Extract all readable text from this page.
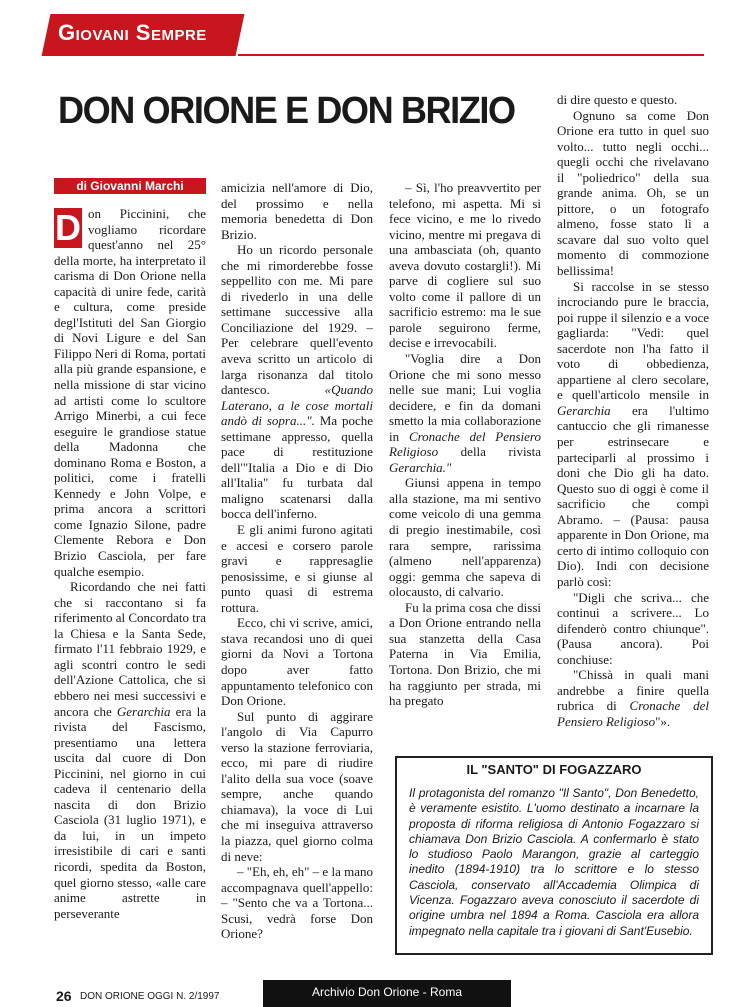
Giovani Sempre
DON ORIONE E DON BRIZIO
di Giovanni Marchi

D on Piccinini, che vogliamo ricordare quest'anno nel 25° della morte, ha interpretato il carisma di Don Orione nella capacità di unire fede, carità e cultura, come preside degl'Istituti del San Giorgio di Novi Ligure e del San Filippo Neri di Roma, portati alla più grande espansione, e nella missione di star vicino ad artisti come lo scultore Arrigo Minerbi, a cui fece eseguire le grandiose statue della Madonna che dominano Roma e Boston, a politici, come i fratelli Kennedy e John Volpe, e prima ancora a scrittori come Ignazio Silone, padre Clemente Rebora e Don Brizio Casciola, per fare qualche esempio.

Ricordando che nei fatti che si raccontano si fa riferimento al Concordato tra la Chiesa e la Santa Sede, firmato l'11 febbraio 1929, e agli scontri contro le sedi dell'Azione Cattolica, che si ebbero nei mesi successivi e ancora che Gerarchia era la rivista del Fascismo, presentiamo una lettera uscita dal cuore di Don Piccinini, nel giorno in cui cadeva il centenario della nascita di don Brizio Casciola (31 luglio 1971), e da lui, in un impeto irresistibile di cari e santi ricordi, spedita da Boston, quel giorno stesso, «alle care anime astrette in perseverante

amicizia nell'amore di Dio, del prossimo e nella memoria benedetta di Don Brizio.

Ho un ricordo personale che mi rimorderebbe fosse seppellito con me. Mi pare di rivederlo in una delle settimane successive alla Conciliazione del 1929. – Per celebrare quell'evento aveva scritto un articolo di larga risonanza dal titolo dantesco. «Quando Laterano, a le cose mortali andò di sopra...". Ma poche settimane appresso, quella pace di restituzione dell'"Italia a Dio e di Dio all'Italia" fu turbata dal maligno scatenarsi dalla bocca dell'inferno.

E gli animi furono agitati e accesi e corsero parole gravi e rappresaglie penosissime, e si giunse al punto quasi di estrema rottura.

Ecco, chi vi scrive, amici, stava recandosi uno di quei giorni da Novi a Tortona dopo aver fatto appuntamento telefonico con Don Orione.

Sul punto di aggirare l'angolo di Via Capurro verso la stazione ferroviaria, ecco, mi pare di riudire l'alito della sua voce (soave sempre, anche quando chiamava), la voce di Lui che mi inseguiva attraverso la piazza, quel giorno colma di neve:

– "Eh, eh, eh" – e la mano accompagnava quell'appello: – "Sento che va a Tortona... Scusi, vedrà forse Don Orione?

– Sì, l'ho preavvertito per telefono, mi aspetta. Mi si fece vicino, e me lo rivedo vicino, mentre mi pregava di una ambasciata (oh, quanto aveva dovuto costargli!). Mi parve di cogliere sul suo volto come il pallore di un sacrificio estremo: ma le sue parole seguirono ferme, decise e irrevocabili.

"Voglia dire a Don Orione che mi sono messo nelle sue mani; Lui voglia decidere, e fin da domani smetto la mia collaborazione in Cronache del Pensiero Religioso della rivista Gerarchia."

Giunsi appena in tempo alla stazione, ma mi sentivo come veicolo di una gemma di pregio inestimabile, così rara sempre, rarissima (almeno nell'apparenza) oggi: gemma che sapeva di olocausto, di calvario.

Fu la prima cosa che dissi a Don Orione entrando nella sua stanzetta della Casa Paterna in Via Emilia, Tortona. Don Brizio, che mi ha raggiunto per strada, mi ha pregato

di dire questo e questo.

Ognuno sa come Don Orione era tutto in quel suo volto... tutto negli occhi... quegli occhi che rivelavano il "poliedrico" della sua grande anima. Oh, se un pittore, o un fotografo almeno, fosse stato lì a scavare dal suo volto quel momento di commozione bellissima!

Si raccolse in se stesso incrociando pure le braccia, poi ruppe il silenzio e a voce gagliarda: "Vedi: quel sacerdote non l'ha fatto il voto di obbedienza, appartiene al clero secolare, e quell'articolo mensile in Gerarchia era l'ultimo cantuccio che gli rimanesse per estrinsecare e parteciparli al prossimo i doni che Dio gli ha dato. Questo suo di oggi è come il sacrificio che compì Abramo. – (Pausa: pausa apparente in Don Orione, ma certo di intimo colloquio con Dio). Indi con decisione parlò così:

"Digli che scriva... che continui a scrivere... Lo difenderò contro chiunque". (Pausa ancora). Poi conchiuse:

"Chissà in quali mani andrebbe a finire quella rubrica di Cronache del Pensiero Religioso"».

IL "SANTO" DI FOGAZZARO
Il protagonista del romanzo "Il Santo", Don Benedetto, è veramente esistito. L'uomo destinato a incarnare la proposta di riforma religiosa di Antonio Fogazzaro si chiamava Don Brizio Casciola. A confermarlo è stato lo studioso Paolo Marangon, grazie al carteggio inedito (1894-1910) tra lo scrittore e lo stesso Casciola, conservato all'Accademia Olimpica di Vicenza. Fogazzaro aveva conosciuto il sacerdote di origine umbra nel 1894 a Roma. Casciola era allora impegnato nella capitale tra i giovani di Sant'Eusebio.
26 DON ORIONE OGGI N. 2/1997	Archivio Don Orione - Roma
